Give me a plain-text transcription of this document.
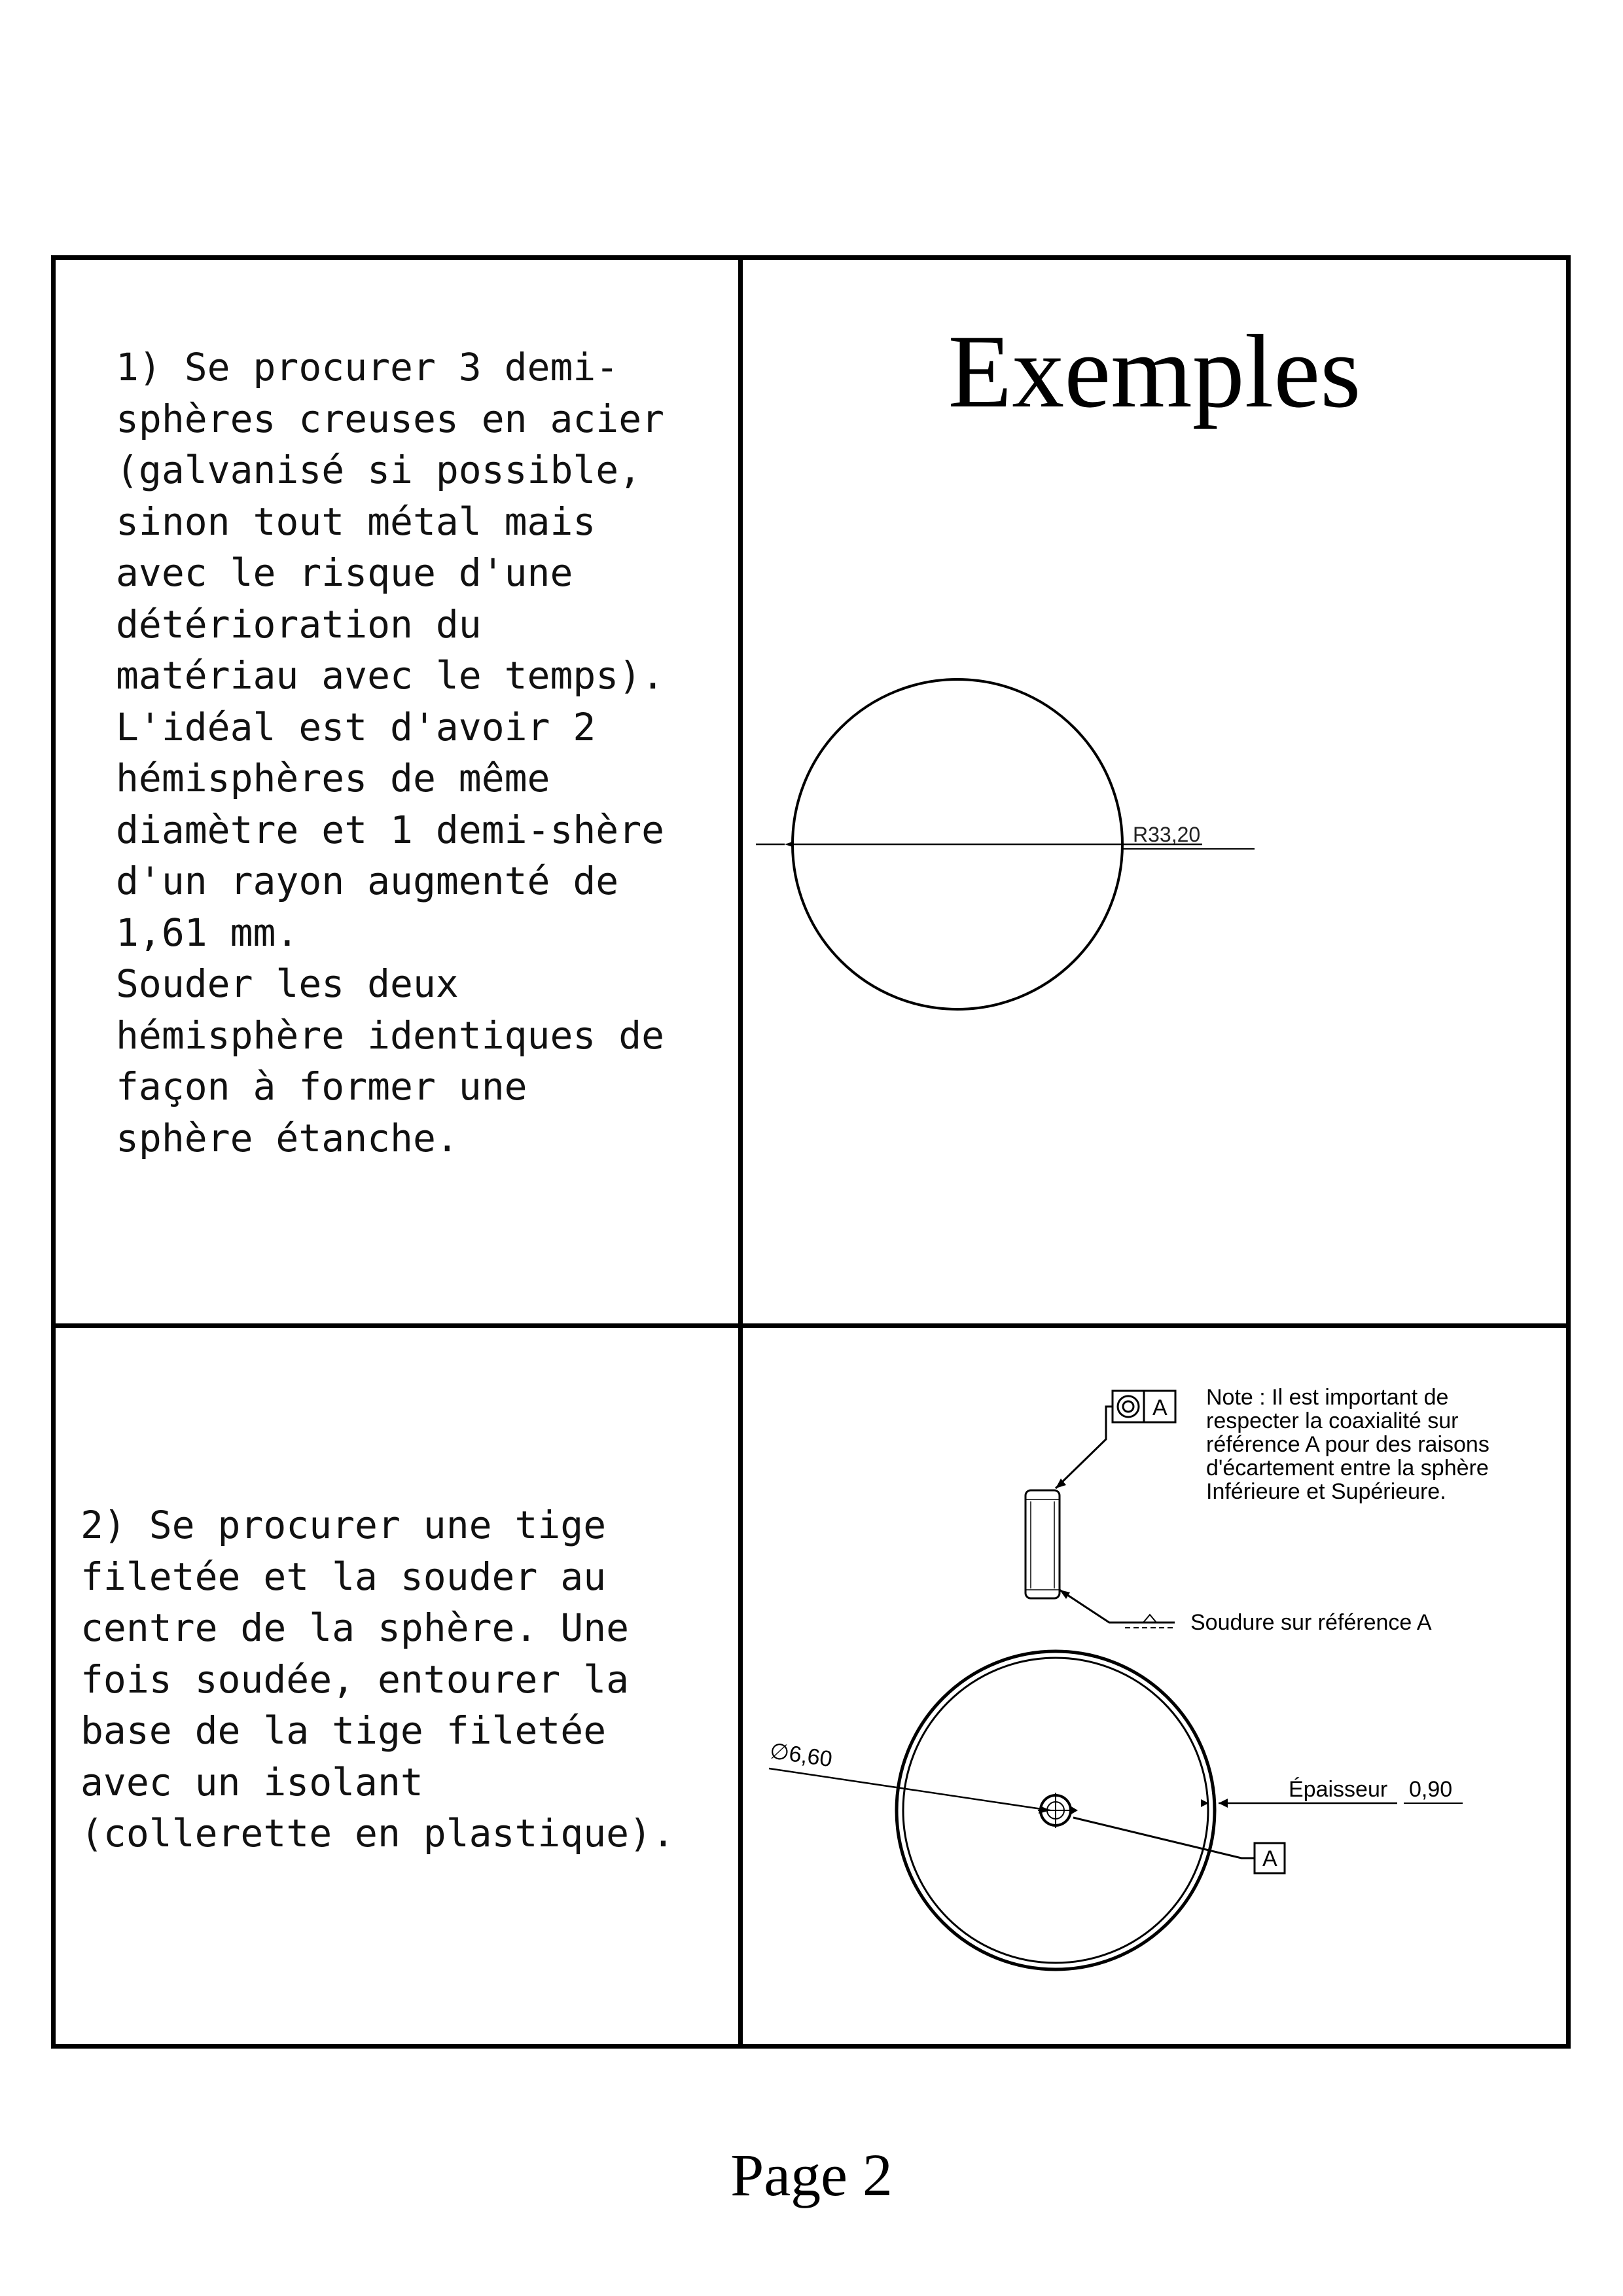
1) Se procurer 3 demi-
sphères creuses en acier
(galvanisé si possible,
sinon tout métal mais
avec le risque d'une
détérioration du
matériau avec le temps).
L'idéal est d'avoir 2
hémisphères de même
diamètre et 1 demi-shère
d'un rayon augmenté de
1,61 mm.
Souder les deux
hémisphère identiques de
façon à former une
sphère étanche.
Exemples
R33,20
2) Se procurer une tige
filetée et la souder au
centre de la sphère. Une
fois soudée, entourer la
base de la tige filetée
avec un isolant
(collerette en plastique).
A Note : Il est important de respecter la coaxialité sur référence A pour des raisons d'écartement entre la sphère Inférieure et Supérieure.
Soudure sur référence A
∅6,60
A
Épaisseur 0,90
Page 2
